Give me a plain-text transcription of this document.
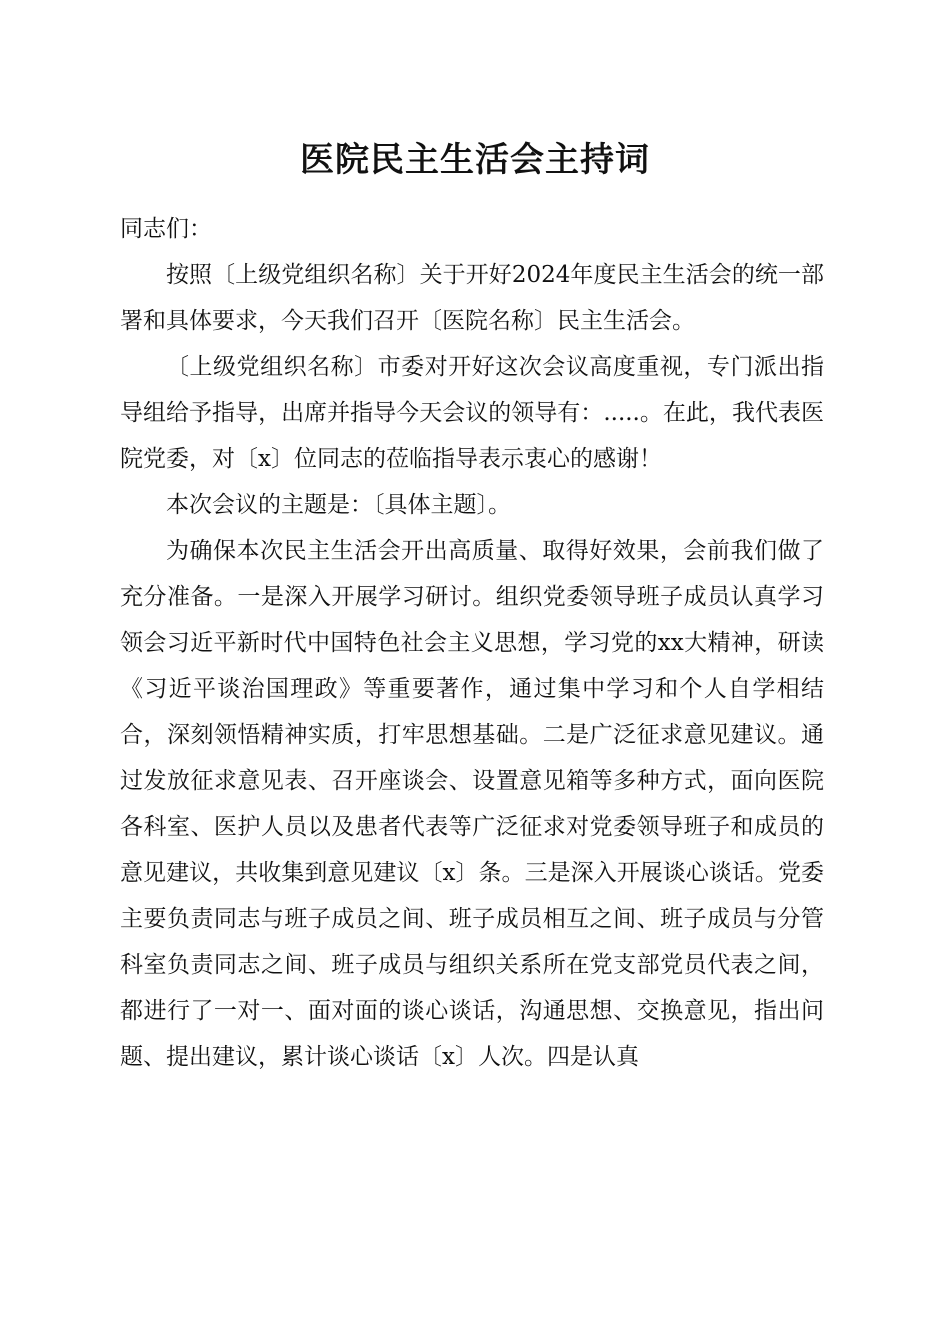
医院民主生活会主持词

同志们：

按照〔上级党组织名称〕关于开好2024年度民主生活会的统一部署和具体要求，今天我们召开〔医院名称〕民主生活会。

〔上级党组织名称〕市委对开好这次会议高度重视，专门派出指导组给予指导，出席并指导今天会议的领导有：.....。在此，我代表医院党委，对〔x〕位同志的莅临指导表示衷心的感谢！

本次会议的主题是：〔具体主题〕。

为确保本次民主生活会开出高质量、取得好效果，会前我们做了充分准备。一是深入开展学习研讨。组织党委领导班子成员认真学习领会习近平新时代中国特色社会主义思想，学习党的xx大精神，研读《习近平谈治国理政》等重要著作，通过集中学习和个人自学相结合，深刻领悟精神实质，打牢思想基础。二是广泛征求意见建议。通过发放征求意见表、召开座谈会、设置意见箱等多种方式，面向医院各科室、医护人员以及患者代表等广泛征求对党委领导班子和成员的意见建议，共收集到意见建议〔x〕条。三是深入开展谈心谈话。党委主要负责同志与班子成员之间、班子成员相互之间、班子成员与分管科室负责同志之间、班子成员与组织关系所在党支部党员代表之间，都进行了一对一、面对面的谈心谈话，沟通思想、交换意见，指出问题、提出建议，累计谈心谈话〔x〕人次。四是认真
